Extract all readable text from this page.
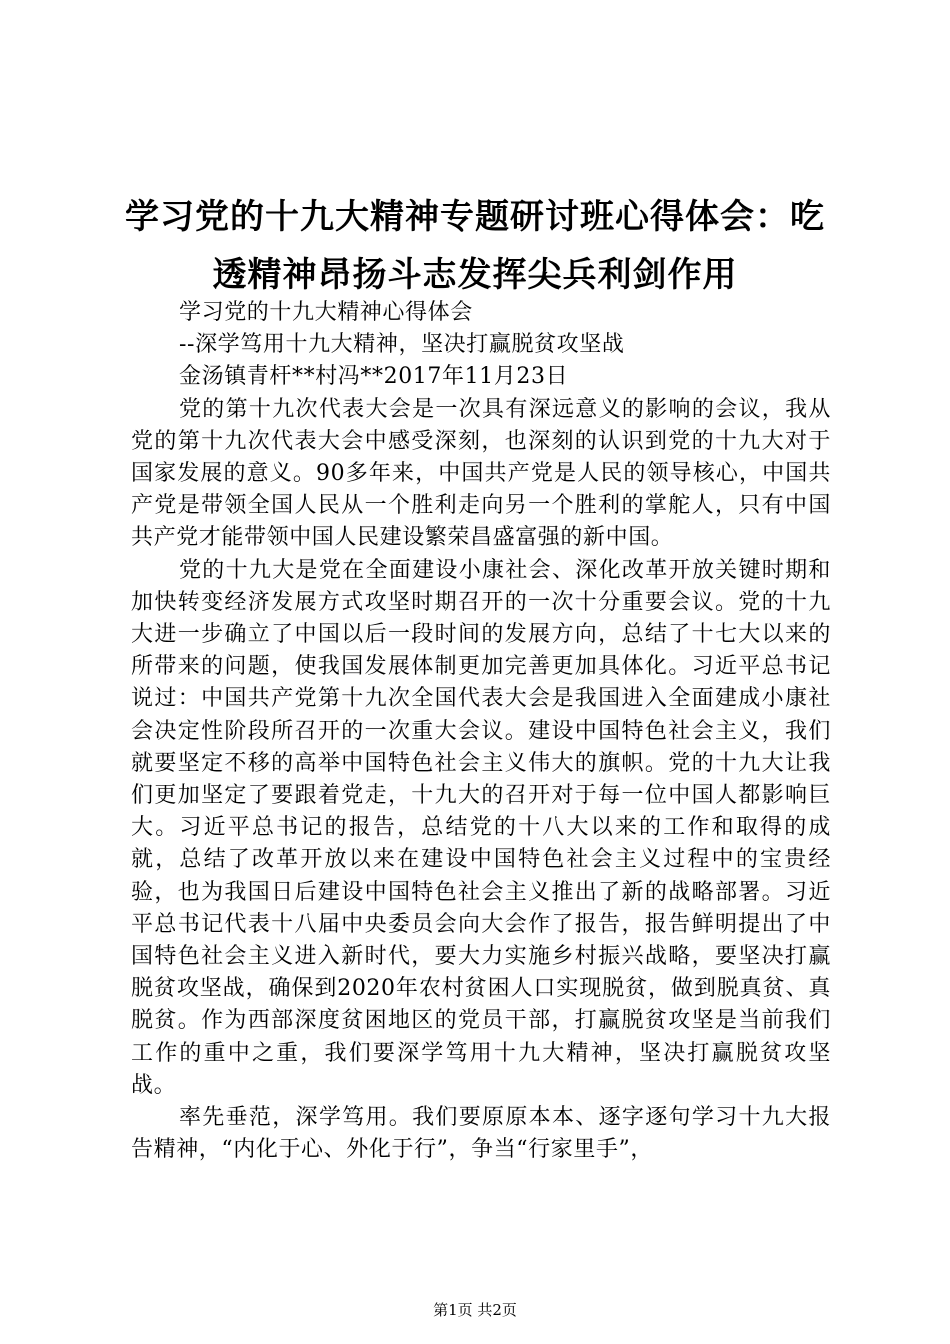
学习党的十九大精神专题研讨班心得体会：吃
透精神昂扬斗志发挥尖兵利剑作用

学习党的十九大精神心得体会

--深学笃用十九大精神，坚决打赢脱贫攻坚战

金汤镇青杆**村冯**2017年11月23日

党的第十九次代表大会是一次具有深远意义的影响的会议，我从党的第十九次代表大会中感受深刻，也深刻的认识到党的十九大对于国家发展的意义。90多年来，中国共产党是人民的领导核心，中国共产党是带领全国人民从一个胜利走向另一个胜利的掌舵人，只有中国共产党才能带领中国人民建设繁荣昌盛富强的新中国。

党的十九大是党在全面建设小康社会、深化改革开放关键时期和加快转变经济发展方式攻坚时期召开的一次十分重要会议。党的十九大进一步确立了中国以后一段时间的发展方向，总结了十七大以来的所带来的问题，使我国发展体制更加完善更加具体化。习近平总书记说过：中国共产党第十九次全国代表大会是我国进入全面建成小康社会决定性阶段所召开的一次重大会议。建设中国特色社会主义，我们就要坚定不移的高举中国特色社会主义伟大的旗帜。党的十九大让我们更加坚定了要跟着党走，十九大的召开对于每一位中国人都影响巨大。习近平总书记的报告，总结党的十八大以来的工作和取得的成就，总结了改革开放以来在建设中国特色社会主义过程中的宝贵经验，也为我国日后建设中国特色社会主义推出了新的战略部署。习近平总书记代表十八届中央委员会向大会作了报告，报告鲜明提出了中国特色社会主义进入新时代，要大力实施乡村振兴战略，要坚决打赢脱贫攻坚战，确保到2020年农村贫困人口实现脱贫，做到脱真贫、真脱贫。作为西部深度贫困地区的党员干部，打赢脱贫攻坚是当前我们工作的重中之重，我们要深学笃用十九大精神，坚决打赢脱贫攻坚战。

率先垂范，深学笃用。我们要原原本本、逐字逐句学习十九大报告精神，“内化于心、外化于行”，争当“行家里手”，

第1页 共2页
